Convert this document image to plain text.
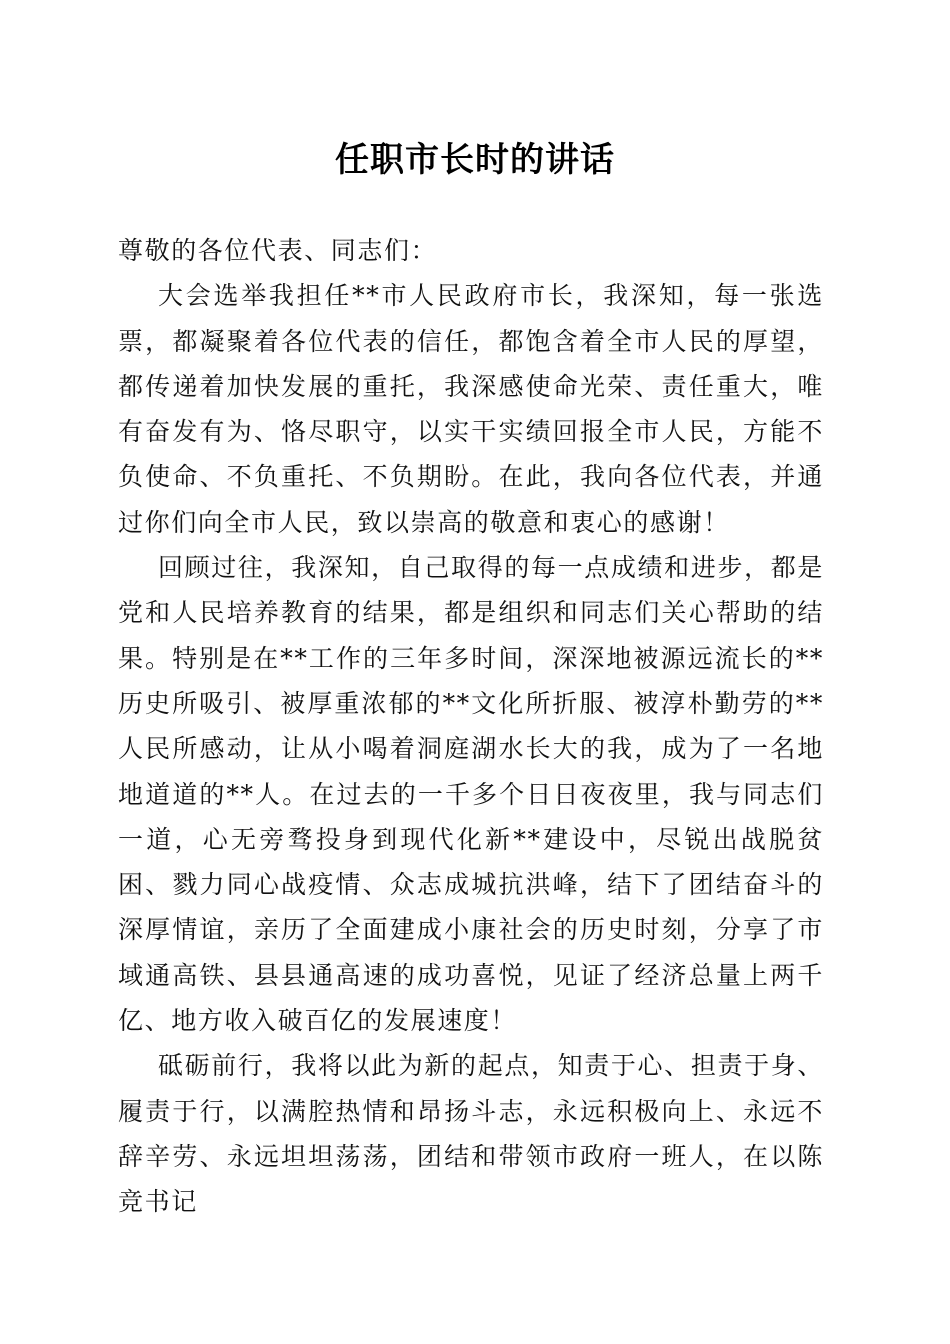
任职市长时的讲话

尊敬的各位代表、同志们：

大会选举我担任**市人民政府市长，我深知，每一张选票，都凝聚着各位代表的信任，都饱含着全市人民的厚望，都传递着加快发展的重托，我深感使命光荣、责任重大，唯有奋发有为、恪尽职守，以实干实绩回报全市人民，方能不负使命、不负重托、不负期盼。在此，我向各位代表，并通过你们向全市人民，致以崇高的敬意和衷心的感谢！

回顾过往，我深知，自己取得的每一点成绩和进步，都是党和人民培养教育的结果，都是组织和同志们关心帮助的结果。特别是在**工作的三年多时间，深深地被源远流长的**历史所吸引、被厚重浓郁的**文化所折服、被淳朴勤劳的**人民所感动，让从小喝着洞庭湖水长大的我，成为了一名地地道道的**人。在过去的一千多个日日夜夜里，我与同志们一道，心无旁骛投身到现代化新**建设中，尽锐出战脱贫困、戮力同心战疫情、众志成城抗洪峰，结下了团结奋斗的深厚情谊，亲历了全面建成小康社会的历史时刻，分享了市域通高铁、县县通高速的成功喜悦，见证了经济总量上两千亿、地方收入破百亿的发展速度！

砥砺前行，我将以此为新的起点，知责于心、担责于身、履责于行，以满腔热情和昂扬斗志，永远积极向上、永远不辞辛劳、永远坦坦荡荡，团结和带领市政府一班人，在以陈竞书记
